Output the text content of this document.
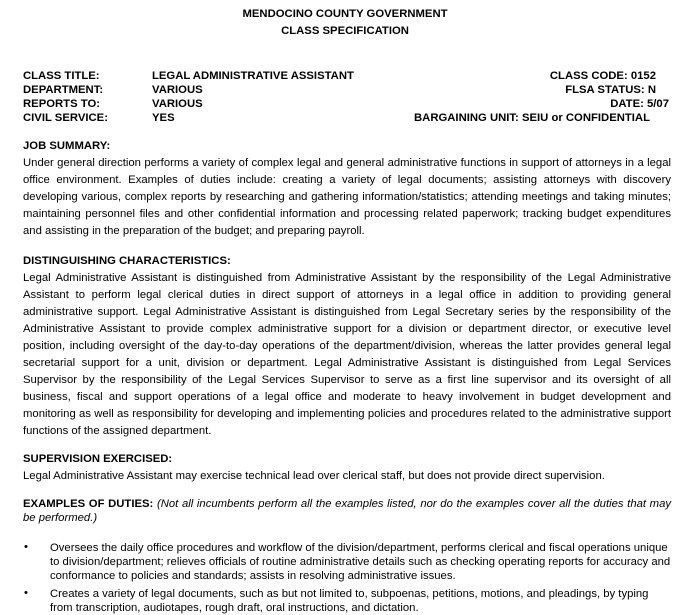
MENDOCINO COUNTY GOVERNMENT
CLASS SPECIFICATION
CLASS TITLE:	LEGAL ADMINISTRATIVE ASSISTANT	CLASS CODE: 0152
DEPARTMENT:	VARIOUS	FLSA STATUS: N
REPORTS TO:	VARIOUS	DATE: 5/07
CIVIL SERVICE:	YES	BARGAINING UNIT: SEIU or CONFIDENTIAL
JOB SUMMARY:
Under general direction performs a variety of complex legal and general administrative functions in support of attorneys in a legal office environment. Examples of duties include: creating a variety of legal documents; assisting attorneys with discovery developing various, complex reports by researching and gathering information/statistics; attending meetings and taking minutes; maintaining personnel files and other confidential information and processing related paperwork; tracking budget expenditures and assisting in the preparation of the budget; and preparing payroll.
DISTINGUISHING CHARACTERISTICS:
Legal Administrative Assistant is distinguished from Administrative Assistant by the responsibility of the Legal Administrative Assistant to perform legal clerical duties in direct support of attorneys in a legal office in addition to providing general administrative support. Legal Administrative Assistant is distinguished from Legal Secretary series by the responsibility of the Administrative Assistant to provide complex administrative support for a division or department director, or executive level position, including oversight of the day-to-day operations of the department/division, whereas the latter provides general legal secretarial support for a unit, division or department. Legal Administrative Assistant is distinguished from Legal Services Supervisor by the responsibility of the Legal Services Supervisor to serve as a first line supervisor and its oversight of all business, fiscal and support operations of a legal office and moderate to heavy involvement in budget development and monitoring as well as responsibility for developing and implementing policies and procedures related to the administrative support functions of the assigned department.
SUPERVISION EXERCISED:
Legal Administrative Assistant may exercise technical lead over clerical staff, but does not provide direct supervision.
EXAMPLES OF DUTIES: (Not all incumbents perform all the examples listed, nor do the examples cover all the duties that may be performed.)
• Oversees the daily office procedures and workflow of the division/department, performs clerical and fiscal operations unique to division/department; relieves officials of routine administrative details such as checking operating reports for accuracy and conformance to policies and standards; assists in resolving administrative issues.
• Creates a variety of legal documents, such as but not limited to, subpoenas, petitions, motions, and pleadings, by typing from transcription, audiotapes, rough draft, oral instructions, and dictation.
